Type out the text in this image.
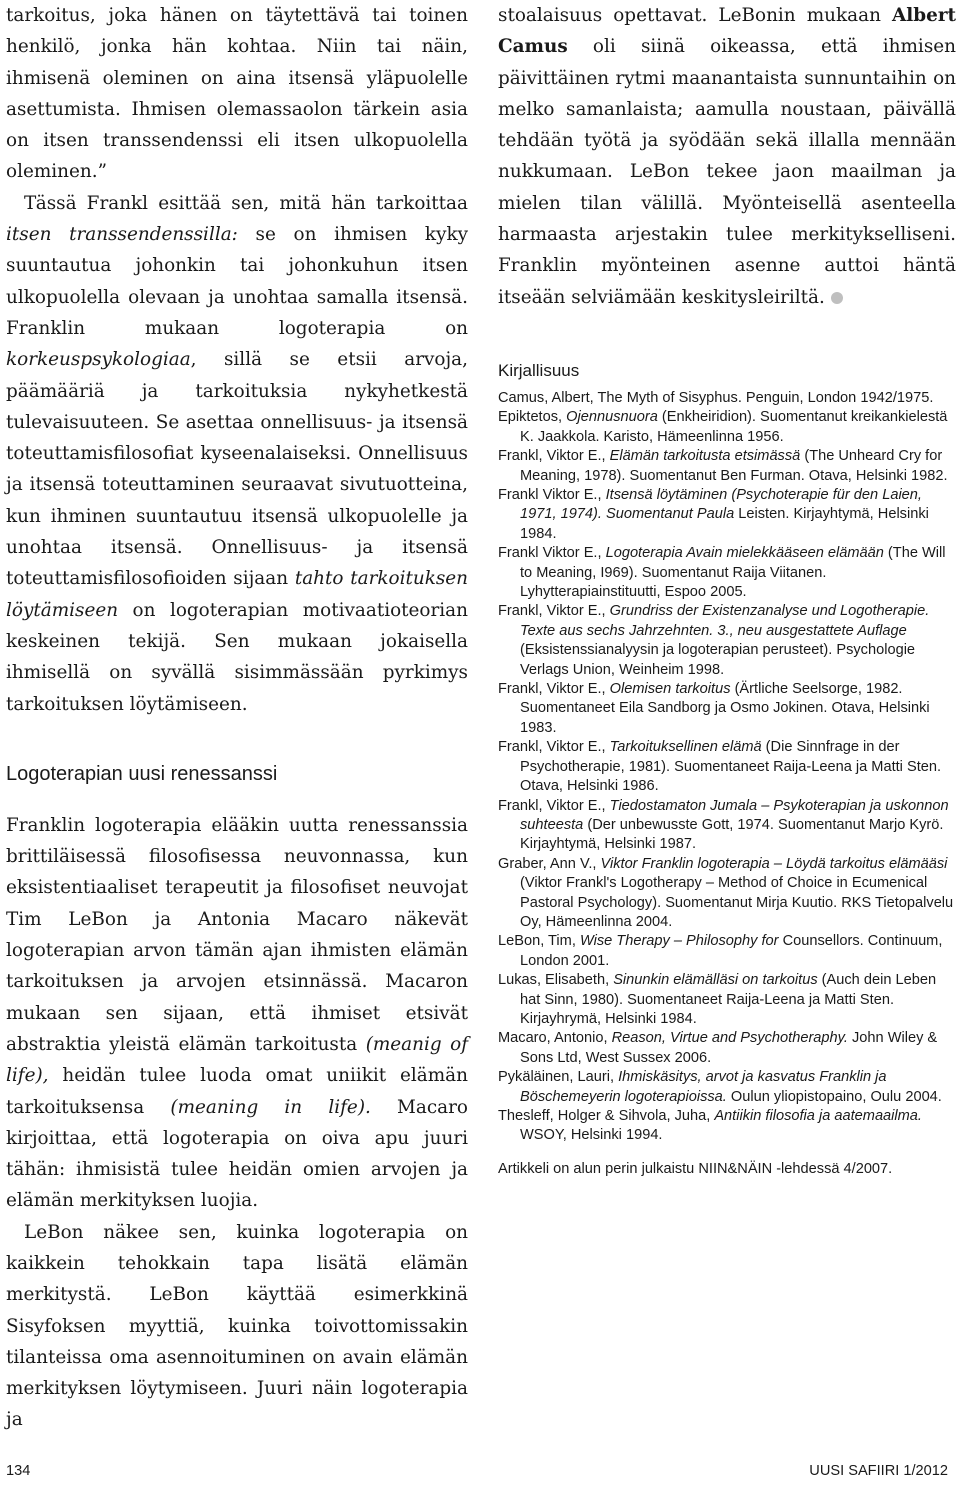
tarkoitus, joka hänen on täytettävä tai toinen henkilö, jonka hän kohtaa. Niin tai näin, ihmisenä oleminen on aina itsensä yläpuolelle asettumista. Ihmisen olemassaolon tärkein asia on itsen transsendenssi eli itsen ulkopuolella oleminen.”

Tässä Frankl esittää sen, mitä hän tarkoittaa itsen transsendenssilla: se on ihmisen kyky suuntautua johonkin tai johonkuhun itsen ulkopuolella olevaan ja unohtaa samalla itsensä. Franklin mukaan logoterapia on korkeuspsykologiaa, sillä se etsii arvoja, päämääriä ja tarkoituksia nykyhetkestä tulevaisuuteen. Se asettaa onnellisuus- ja itsensä toteuttamisfilosofiat kyseenalaiseksi. Onnellisuus ja itsensä toteuttaminen seuraavat sivutuotteina, kun ihminen suuntautuu itsensä ulkopuolelle ja unohtaa itsensä. Onnellisuus- ja itsensä toteuttamisfilosofioiden sijaan tahto tarkoituksen löytämiseen on logoterapian motivaatioteorian keskeinen tekijä. Sen mukaan jokaisella ihmisellä on syvällä sisimmässään pyrkimys tarkoituksen löytämiseen.

Logoterapian uusi renessanssi

Franklin logoterapia elääkin uutta renessanssia brittiläisessä filosofisessa neuvonnassa, kun eksistentiaaliset terapeutit ja filosofiset neuvojat Tim LeBon ja Antonia Macaro näkevät logoterapian arvon tämän ajan ihmisten elämän tarkoituksen ja arvojen etsinnässä. Macaron mukaan sen sijaan, että ihmiset etsivät abstraktia yleistä elämän tarkoitusta (meanig of life), heidän tulee luoda omat uniikit elämän tarkoituksensa (meaning in life). Macaro kirjoittaa, että logoterapia on oiva apu juuri tähän: ihmisistä tulee heidän omien arvojen ja elämän merkityksen luojia.

LeBon näkee sen, kuinka logoterapia on kaikkein tehokkain tapa lisätä elämän merkitystä. LeBon käyttää esimerkkinä Sisyfoksen myyttiä, kuinka toivottomissakin tilanteissa oma asennoituminen on avain elämän merkityksen löytymiseen. Juuri näin logoterapia ja

stoalaisuus opettavat. LeBonin mukaan Albert Camus oli siinä oikeassa, että ihmisen päivittäinen rytmi maanantaista sunnuntaihin on melko samanlaista; aamulla noustaan, päivällä tehdään työtä ja syödään sekä illalla mennään nukkumaan. LeBon tekee jaon maailman ja mielen tilan välillä. Myönteisellä asenteella harmaasta arjestakin tulee merkitykselliseni. Franklin myönteinen asenne auttoi häntä itseään selviämään keskitysleiriltä.

Kirjallisuus

Camus, Albert, The Myth of Sisyphus. Penguin, London 1942/1975.

Epiktetos, Ojennusnuora (Enkheiridion). Suomentanut kreikankielestä K. Jaakkola. Karisto, Hämeenlinna 1956.

Frankl, Viktor E., Elämän tarkoitusta etsimässä (The Unheard Cry for Meaning, 1978). Suomentanut Ben Furman. Otava, Helsinki 1982.

Frankl Viktor E., Itsensä löytäminen (Psychoterapie für den Laien, 1971, 1974). Suomentanut Paula Leisten. Kirjayhtymä, Helsinki 1984.

Frankl Viktor E., Logoterapia Avain mielekkääseen elämään (The Will to Meaning, I969). Suomentanut Raija Viitanen. Lyhytterapiainstituutti, Espoo 2005.

Frankl, Viktor E., Grundriss der Existenzanalyse und Logotherapie. Texte aus sechs Jahrzehnten. 3., neu ausgestattete Auflage (Eksistenssianalyysin ja logoterapian perusteet). Psychologie Verlags Union, Weinheim 1998.

Frankl, Viktor E., Olemisen tarkoitus (Ärtliche Seelsorge, 1982. Suomentaneet Eila Sandborg ja Osmo Jokinen. Otava, Helsinki 1983.

Frankl, Viktor E., Tarkoituksellinen elämä (Die Sinnfrage in der Psychotherapie, 1981). Suomentaneet Raija-Leena ja Matti Sten. Otava, Helsinki 1986.

Frankl, Viktor E., Tiedostamaton Jumala – Psykoterapian ja uskonnon suhteesta (Der unbewusste Gott, 1974. Suomentanut Marjo Kyrö. Kirjayhtymä, Helsinki 1987.

Graber, Ann V., Viktor Franklin logoterapia – Löydä tarkoitus elämääsi (Viktor Frankl's Logotherapy – Method of Choice in Ecumenical Pastoral Psychology). Suomentanut Mirja Kuutio. RKS Tietopalvelu Oy, Hämeenlinna 2004.

LeBon, Tim, Wise Therapy – Philosophy for Counsellors. Continuum, London 2001.

Lukas, Elisabeth, Sinunkin elämälläsi on tarkoitus (Auch dein Leben hat Sinn, 1980). Suomentaneet Raija-Leena ja Matti Sten. Kirjayhrymä, Helsinki 1984.

Macaro, Antonio, Reason, Virtue and Psychotheraphy. John Wiley & Sons Ltd, West Sussex 2006.

Pykäläinen, Lauri, Ihmiskäsitys, arvot ja kasvatus Franklin ja Böschemeyerin logoterapioissa. Oulun yliopistopaino, Oulu 2004.

Thesleff, Holger & Sihvola, Juha, Antiikin filosofia ja aatemaailma. WSOY, Helsinki 1994.

Artikkeli on alun perin julkaistu NIIN&NÄIN -lehdessä 4/2007.
134	UUSI SAFIIRI 1/2012
